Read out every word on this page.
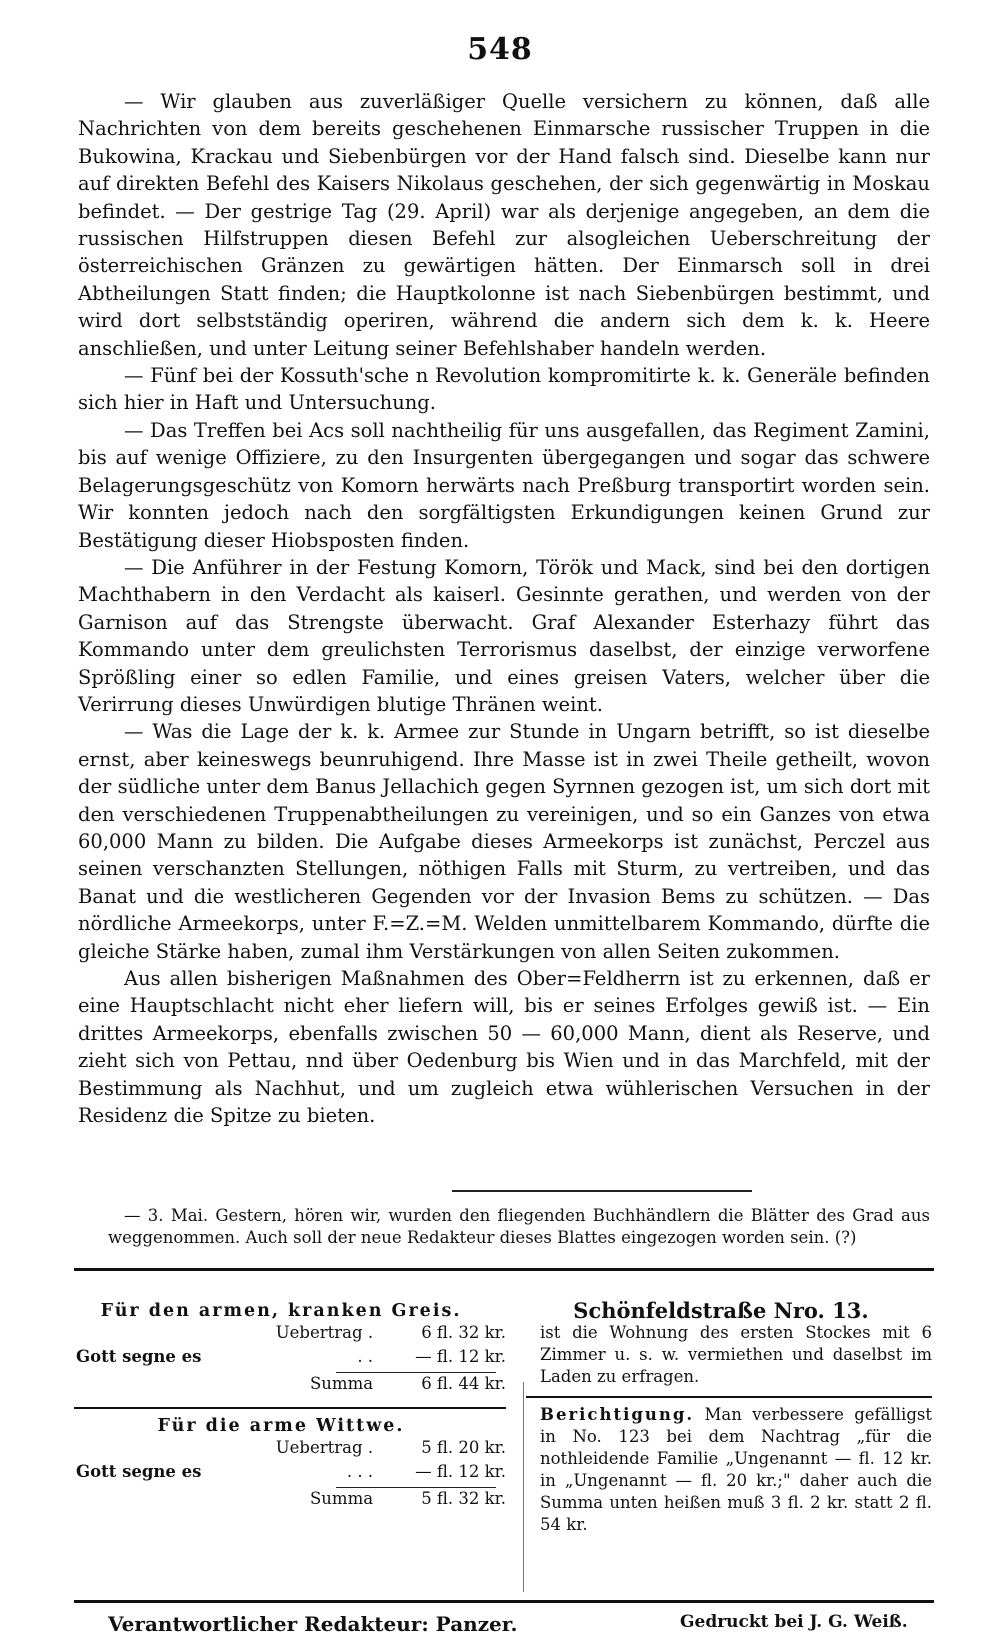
548

— Wir glauben aus zuverläßiger Quelle versichern zu können, daß alle Nachrichten von dem bereits geschehenen Einmarsche russischer Truppen in die Bukowina, Krackau und Siebenbürgen vor der Hand falsch sind. Dieselbe kann nur auf direkten Befehl des Kaisers Nikolaus geschehen, der sich gegenwärtig in Moskau befindet. — Der gestrige Tag (29. April) war als derjenige angegeben, an dem die russischen Hilfstruppen diesen Befehl zur alsogleichen Ueberschreitung der österreichischen Gränzen zu gewärtigen hätten. Der Einmarsch soll in drei Abtheilungen Statt finden; die Hauptkolonne ist nach Siebenbürgen bestimmt, und wird dort selbstständig operiren, während die andern sich dem k. k. Heere anschließen, und unter Leitung seiner Befehlshaber handeln werden.

— Fünf bei der Kossuth'sche n Revolution kompromitirte k. k. Generäle befinden sich hier in Haft und Untersuchung.

— Das Treffen bei Acs soll nachtheilig für uns ausgefallen, das Regiment Zamini, bis auf wenige Offiziere, zu den Insurgenten übergegangen und sogar das schwere Belagerungsgeschütz von Komorn herwärts nach Preßburg transportirt worden sein. Wir konnten jedoch nach den sorgfältigsten Erkundigungen keinen Grund zur Bestätigung dieser Hiobsposten finden.

— Die Anführer in der Festung Komorn, Török und Mack, sind bei den dortigen Machthabern in den Verdacht als kaiserl. Gesinnte gerathen, und werden von der Garnison auf das Strengste überwacht. Graf Alexander Esterhazy führt das Kommando unter dem greulichsten Terrorismus daselbst, der einzige verworfene Sprößling einer so edlen Familie, und eines greisen Vaters, welcher über die Verirrung dieses Unwürdigen blutige Thränen weint.

— Was die Lage der k. k. Armee zur Stunde in Ungarn betrifft, so ist dieselbe ernst, aber keineswegs beunruhigend. Ihre Masse ist in zwei Theile getheilt, wovon der südliche unter dem Banus Jellachich gegen Syrnnen gezogen ist, um sich dort mit den verschiedenen Truppenabtheilungen zu vereinigen, und so ein Ganzes von etwa 60,000 Mann zu bilden. Die Aufgabe dieses Armeekorps ist zunächst, Perczel aus seinen verschanzten Stellungen, nöthigen Falls mit Sturm, zu vertreiben, und das Banat und die westlicheren Gegenden vor der Invasion Bems zu schützen. — Das nördliche Armeekorps, unter F.=Z.=M. Welden unmittelbarem Kommando, dürfte die gleiche Stärke haben, zumal ihm Verstärkungen von allen Seiten zukommen.

Aus allen bisherigen Maßnahmen des Ober=Feldherrn ist zu erkennen, daß er eine Hauptschlacht nicht eher liefern will, bis er seines Erfolges gewiß ist. — Ein drittes Armeekorps, ebenfalls zwischen 50 — 60,000 Mann, dient als Reserve, und zieht sich von Pettau, nnd über Oedenburg bis Wien und in das Marchfeld, mit der Bestimmung als Nachhut, und um zugleich etwa wühlerischen Versuchen in der Residenz die Spitze zu bieten.

— 3. Mai. Gestern, hören wir, wurden den fliegenden Buchhändlern die Blätter des Grad aus weggenommen. Auch soll der neue Redakteur dieses Blattes eingezogen worden sein. (?)

Für den armen, kranken Greis.
Uebertrag .	6 fl. 32 kr.
Gott segne es	. .	— fl. 12 kr.
Summa	6 fl. 44 kr.
Für die arme Wittwe.
Uebertrag .	5 fl. 20 kr.
Gott segne es	. . .	— fl. 12 kr.
Summa	5 fl. 32 kr.
Schönfeldstraße Nro. 13.
ist die Wohnung des ersten Stockes mit 6 Zimmer u. s. w. vermiethen und daselbst im Laden zu erfragen.
Berichtigung. Man verbessere gefälligst in No. 123 bei dem Nachtrag „für die nothleidende Familie „Ungenannt — fl. 12 kr. in „Ungenannt — fl. 20 kr.;" daher auch die Summa unten heißen muß 3 fl. 2 kr. statt 2 fl. 54 kr.
Verantwortlicher Redakteur: Panzer.	Gedruckt bei J. G. Weiß.
